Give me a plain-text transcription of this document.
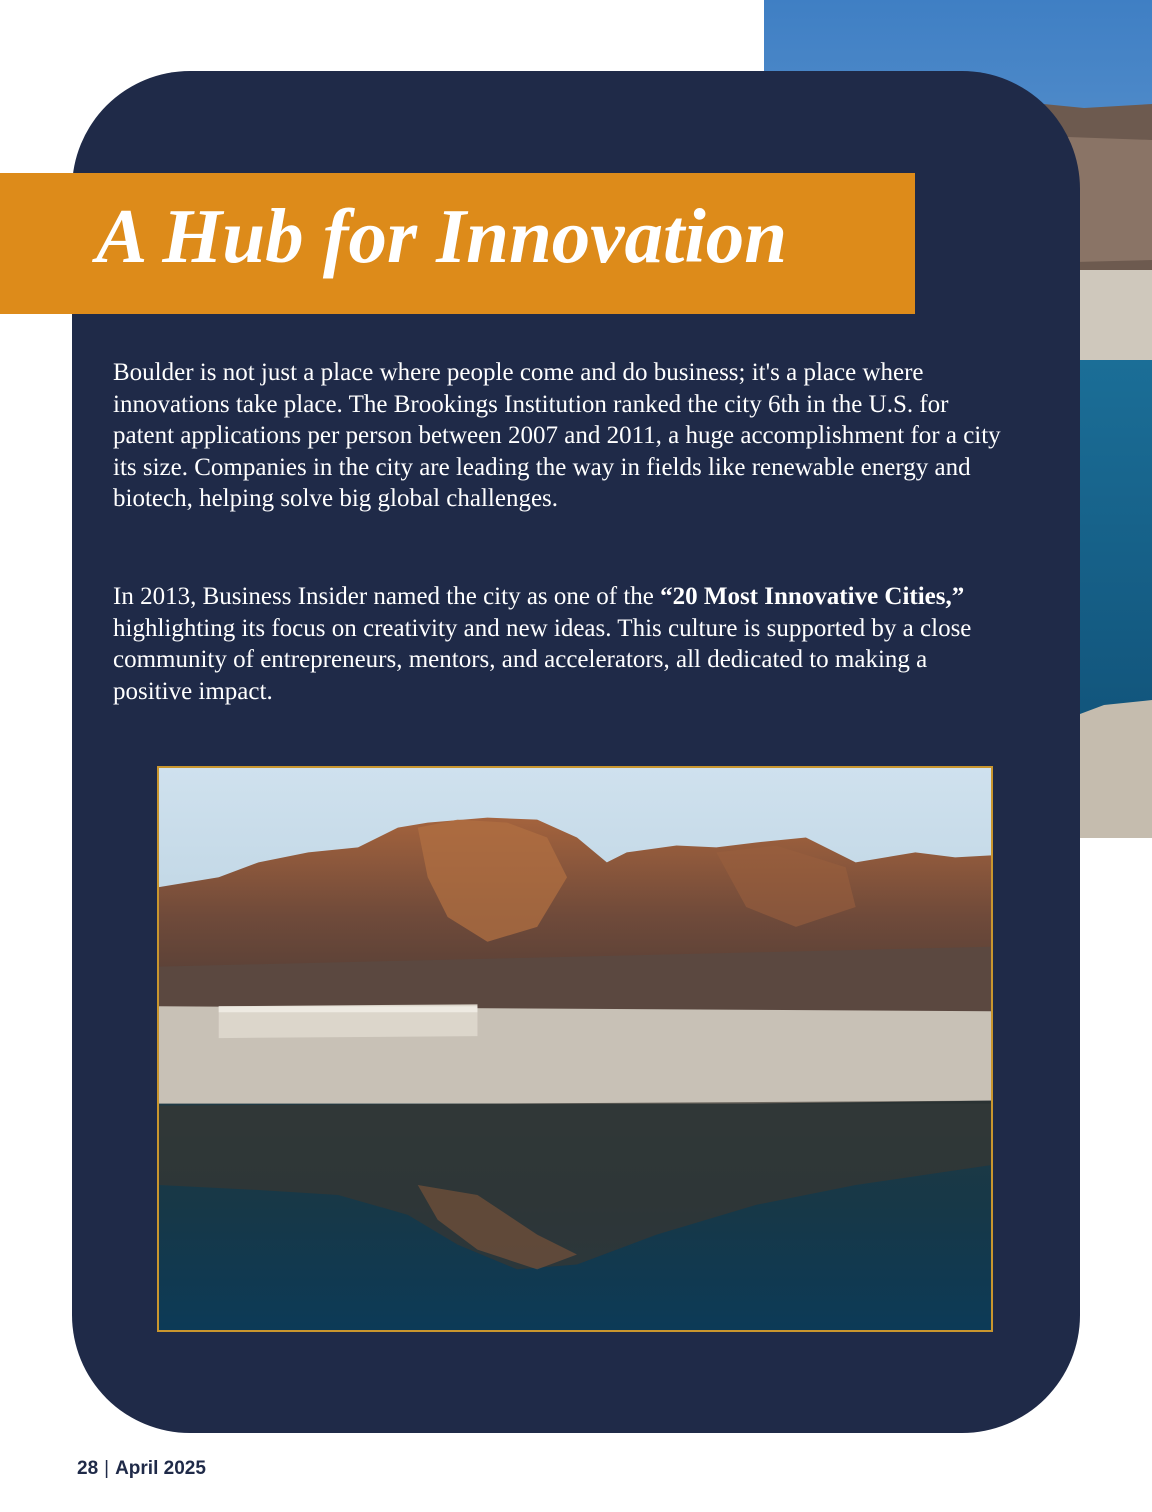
A Hub for Innovation

Boulder is not just a place where people come and do business; it's a place where innovations take place. The Brookings Institution ranked the city 6th in the U.S. for patent applications per person between 2007 and 2011, a huge accomplishment for a city its size. Companies in the city are leading the way in fields like renewable energy and biotech, helping solve big global challenges.

In 2013, Business Insider named the city as one of the “20 Most Innovative Cities,” highlighting its focus on creativity and new ideas. This culture is supported by a close community of entrepreneurs, mentors, and accelerators, all dedicated to making a positive impact.

28 | April 2025
